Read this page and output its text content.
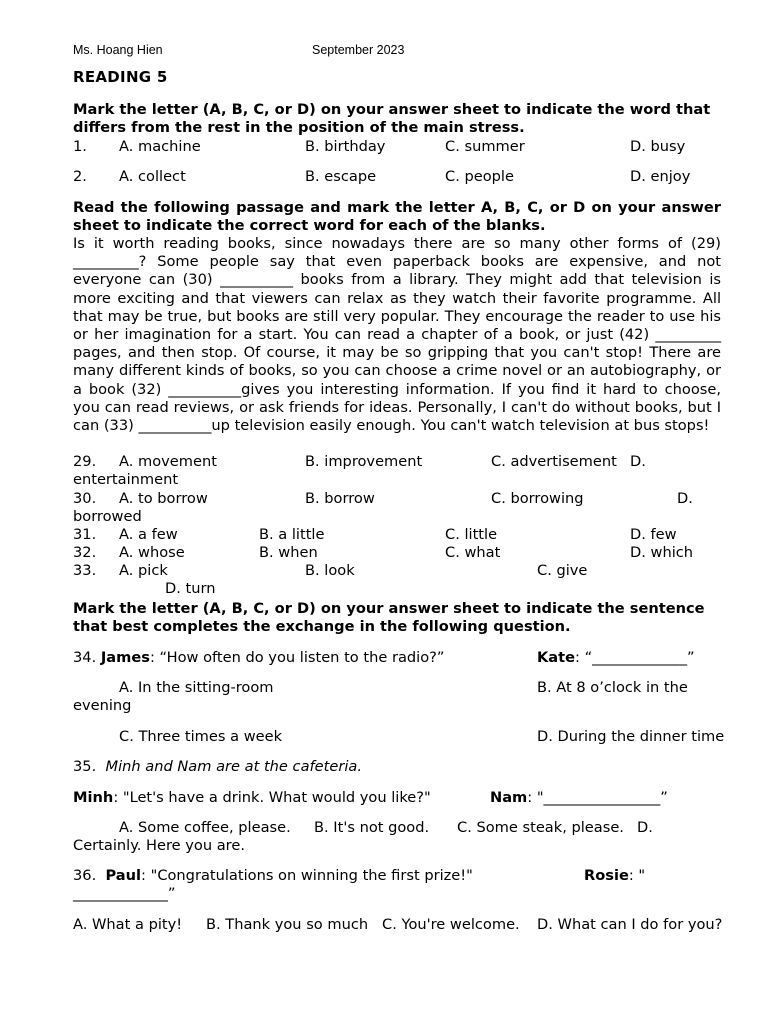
Ms. Hoang Hien	September 2023
READING 5
Mark the letter (A, B, C, or D) on your answer sheet to indicate the word that differs from the rest in the position of the main stress.
1. A. machine	B. birthday	C. summer	D. busy
2. A. collect	B. escape	C. people	D. enjoy
Read the following passage and mark the letter A, B, C, or D on your answer sheet to indicate the correct word for each of the blanks.
Is it worth reading books, since nowadays there are so many other forms of (29) _________? Some people say that even paperback books are expensive, and not everyone can (30) __________ books from a library. They might add that television is more exciting and that viewers can relax as they watch their favorite programme. All that may be true, but books are still very popular. They encourage the reader to use his or her imagination for a start. You can read a chapter of a book, or just (42) _________ pages, and then stop. Of course, it may be so gripping that you can't stop! There are many different kinds of books, so you can choose a crime novel or an autobiography, or a book (32) __________gives you interesting information. If you find it hard to choose, you can read reviews, or ask friends for ideas. Personally, I can't do without books, but I can (33) __________up television easily enough. You can't watch television at bus stops!
29. A. movement	B. improvement	C. advertisement D.
entertainment
30. A. to borrow	B. borrow	C. borrowing	D.
borrowed
31. A. a few	B. a little	C. little	D. few
32. A. whose	B. when	C. what	D. which
33. A. pick	B. look	C. give
D. turn
Mark the letter (A, B, C, or D) on your answer sheet to indicate the sentence that best completes the exchange in the following question.
34. James: “How often do you listen to the radio?”	Kate: “_____________”
A. In the sitting-room	B. At 8 o’clock in the
evening
C. Three times a week	D. During the dinner time
35. Minh and Nam are at the cafeteria.
Minh: "Let's have a drink. What would you like?"	Nam: "________________”
A. Some coffee, please. B. It's not good. C. Some steak, please. D.
Certainly. Here you are.
36. Paul: "Congratulations on winning the first prize!"	Rosie: "
_____________”
A. What a pity! B. Thank you so much C. You're welcome. D. What can I do for you?
